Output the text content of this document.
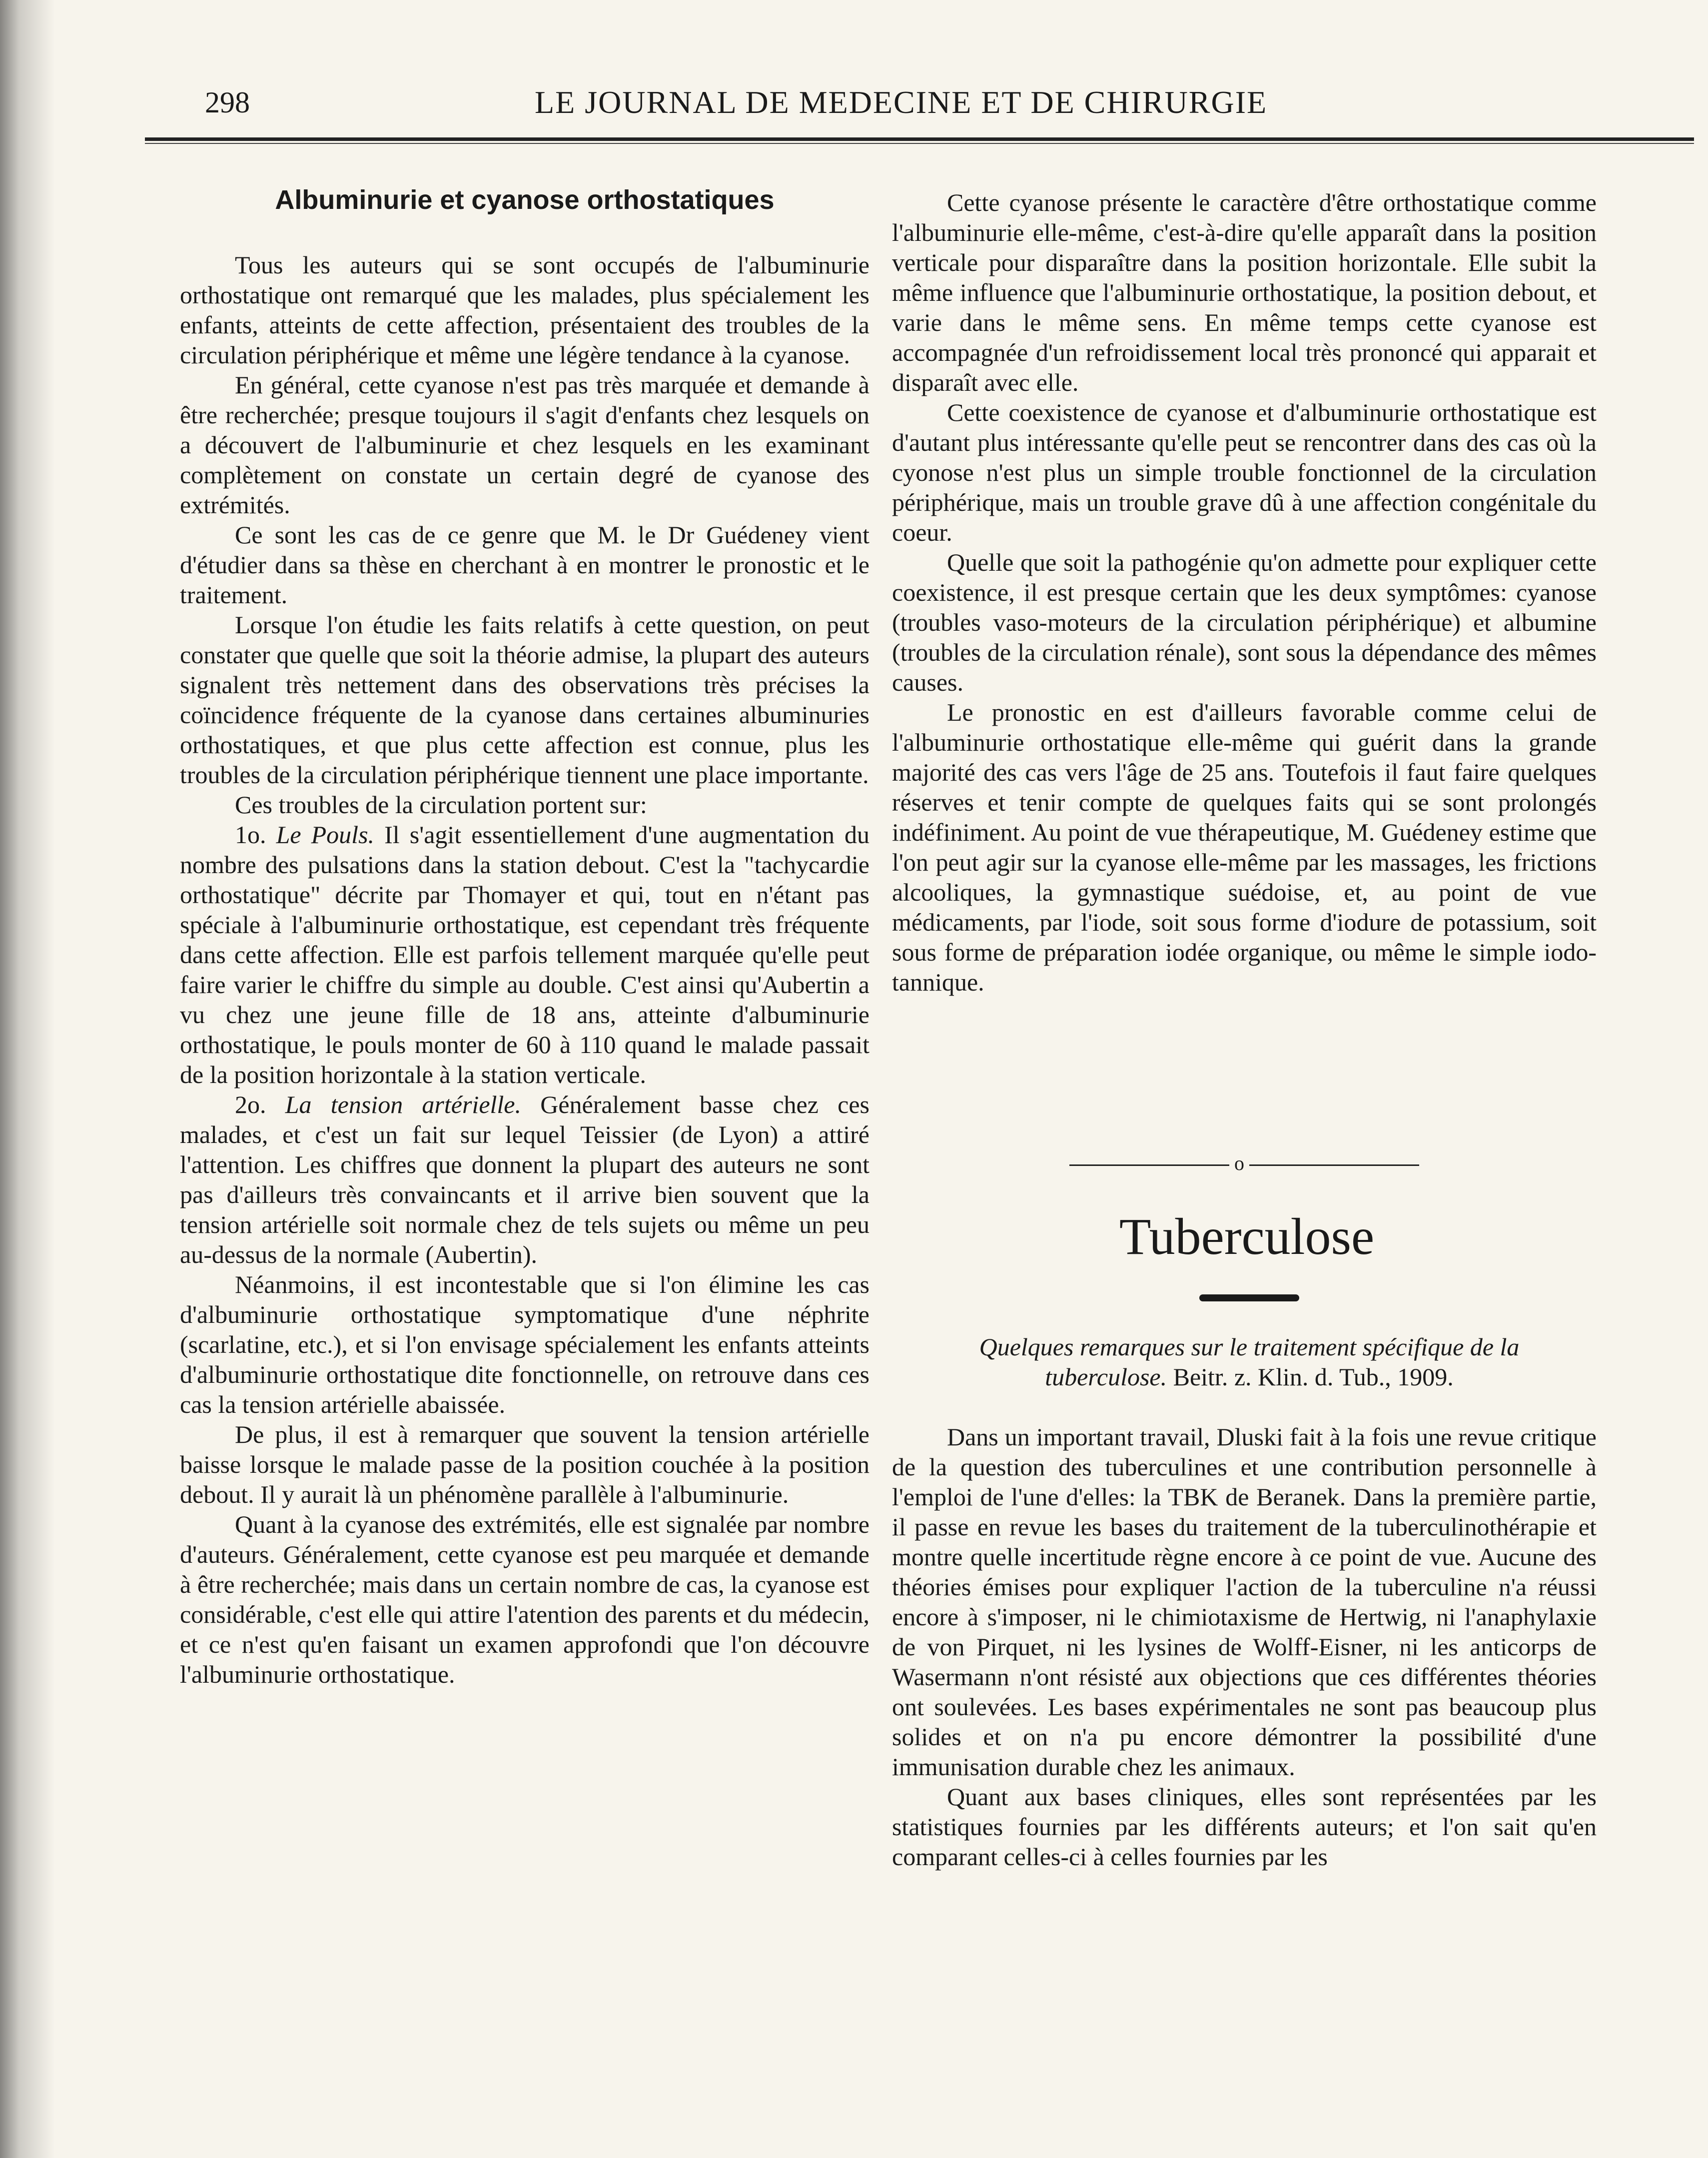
298	LE JOURNAL DE MEDECINE ET DE CHIRURGIE
Albuminurie et cyanose orthostatiques

Tous les auteurs qui se sont occupés de l'albuminurie orthostatique ont remarqué que les malades, plus spécialement les enfants, atteints de cette affection, présentaient des troubles de la circulation périphérique et même une légère tendance à la cyanose.

En général, cette cyanose n'est pas très marquée et demande à être recherchée; presque toujours il s'agit d'enfants chez lesquels on a découvert de l'albuminurie et chez lesquels en les examinant complètement on constate un certain degré de cyanose des extrémités.

Ce sont les cas de ce genre que M. le Dr Guédeney vient d'étudier dans sa thèse en cherchant à en montrer le pronostic et le traitement.

Lorsque l'on étudie les faits relatifs à cette question, on peut constater que quelle que soit la théorie admise, la plupart des auteurs signalent très nettement dans des observations très précises la coïncidence fréquente de la cyanose dans certaines albuminuries orthostatiques, et que plus cette affection est connue, plus les troubles de la circulation périphérique tiennent une place importante.

Ces troubles de la circulation portent sur:

1o. Le Pouls. Il s'agit essentiellement d'une augmentation du nombre des pulsations dans la station debout. C'est la "tachycardie orthostatique" décrite par Thomayer et qui, tout en n'étant pas spéciale à l'albuminurie orthostatique, est cependant très fréquente dans cette affection. Elle est parfois tellement marquée qu'elle peut faire varier le chiffre du simple au double. C'est ainsi qu'Aubertin a vu chez une jeune fille de 18 ans, atteinte d'albuminurie orthostatique, le pouls monter de 60 à 110 quand le malade passait de la position horizontale à la station verticale.

2o. La tension artérielle. Généralement basse chez ces malades, et c'est un fait sur lequel Teissier (de Lyon) a attiré l'attention. Les chiffres que donnent la plupart des auteurs ne sont pas d'ailleurs très convaincants et il arrive bien souvent que la tension artérielle soit normale chez de tels sujets ou même un peu au-dessus de la normale (Aubertin).

Néanmoins, il est incontestable que si l'on élimine les cas d'albuminurie orthostatique symptomatique d'une néphrite (scarlatine, etc.), et si l'on envisage spécialement les enfants atteints d'albuminurie orthostatique dite fonctionnelle, on retrouve dans ces cas la tension artérielle abaissée.

De plus, il est à remarquer que souvent la tension artérielle baisse lorsque le malade passe de la position couchée à la position debout. Il y aurait là un phénomène parallèle à l'albuminurie.

Quant à la cyanose des extrémités, elle est signalée par nombre d'auteurs. Généralement, cette cyanose est peu marquée et demande à être recherchée; mais dans un certain nombre de cas, la cyanose est considérable, c'est elle qui attire l'atention des parents et du médecin, et ce n'est qu'en faisant un examen approfondi que l'on découvre l'albuminurie orthostatique.

Cette cyanose présente le caractère d'être orthostatique comme l'albuminurie elle-même, c'est-à-dire qu'elle apparaît dans la position verticale pour disparaître dans la position horizontale. Elle subit la même influence que l'albuminurie orthostatique, la position debout, et varie dans le même sens. En même temps cette cyanose est accompagnée d'un refroidissement local très prononcé qui apparait et disparaît avec elle.

Cette coexistence de cyanose et d'albuminurie orthostatique est d'autant plus intéressante qu'elle peut se rencontrer dans des cas où la cyonose n'est plus un simple trouble fonctionnel de la circulation périphérique, mais un trouble grave dû à une affection congénitale du coeur.

Quelle que soit la pathogénie qu'on admette pour expliquer cette coexistence, il est presque certain que les deux symptômes: cyanose (troubles vaso-moteurs de la circulation périphérique) et albumine (troubles de la circulation rénale), sont sous la dépendance des mêmes causes.

Le pronostic en est d'ailleurs favorable comme celui de l'albuminurie orthostatique elle-même qui guérit dans la grande majorité des cas vers l'âge de 25 ans. Toutefois il faut faire quelques réserves et tenir compte de quelques faits qui se sont prolongés indéfiniment. Au point de vue thérapeutique, M. Guédeney estime que l'on peut agir sur la cyanose elle-même par les massages, les frictions alcooliques, la gymnastique suédoise, et, au point de vue médicaments, par l'iode, soit sous forme d'iodure de potassium, soit sous forme de préparation iodée organique, ou même le simple iodo-tannique.

o
Tuberculose
Quelques remarques sur le traitement spécifique de la tuberculose. Beitr. z. Klin. d. Tub., 1909.

Dans un important travail, Dluski fait à la fois une revue critique de la question des tuberculines et une contribution personnelle à l'emploi de l'une d'elles: la TBK de Beranek. Dans la première partie, il passe en revue les bases du traitement de la tuberculinothérapie et montre quelle incertitude règne encore à ce point de vue. Aucune des théories émises pour expliquer l'action de la tuberculine n'a réussi encore à s'imposer, ni le chimiotaxisme de Hertwig, ni l'anaphylaxie de von Pirquet, ni les lysines de Wolff-Eisner, ni les anticorps de Wasermann n'ont résisté aux objections que ces différentes théories ont soulevées. Les bases expérimentales ne sont pas beaucoup plus solides et on n'a pu encore démontrer la possibilité d'une immunisation durable chez les animaux.

Quant aux bases cliniques, elles sont représentées par les statistiques fournies par les différents auteurs; et l'on sait qu'en comparant celles-ci à celles fournies par les
